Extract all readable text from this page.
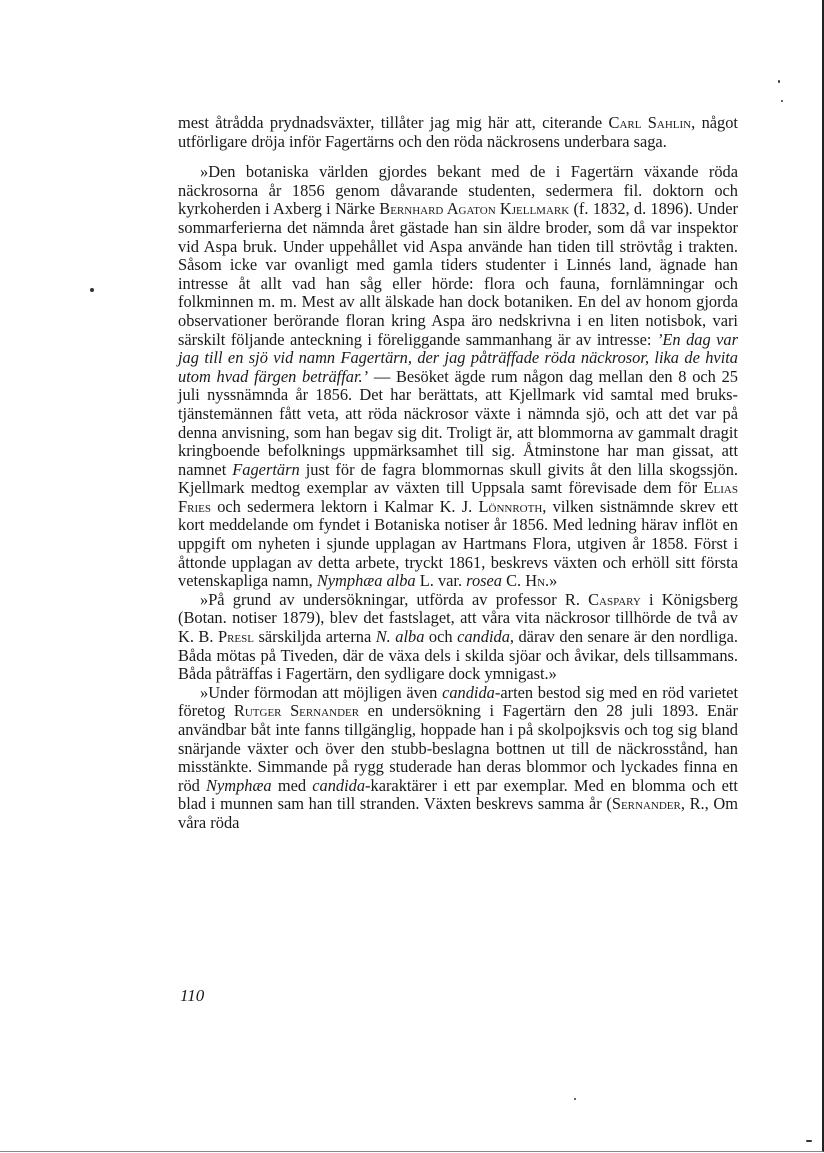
mest åtrådda prydnadsväxter, tillåter jag mig här att, citerande Carl Sahlin, något utförligare dröja inför Fagertärns och den röda näckrosens underbara saga.

»Den botaniska världen gjordes bekant med de i Fagertärn växande röda näckrosorna år 1856 genom dåvarande studenten, sedermera fil. doktorn och kyrkoherden i Axberg i Närke Bernhard Agaton Kjellmark (f. 1832, d. 1896). Under sommarferierna det nämnda året gästade han sin äldre broder, som då var inspektor vid Aspa bruk. Under uppehållet vid Aspa använde han tiden till strövtåg i trakten. Såsom icke var ovanligt med gamla tiders studenter i Linnés land, ägnade han intresse åt allt vad han såg eller hörde: flora och fauna, fornlämningar och folkminnen m. m. Mest av allt älskade han dock botaniken. En del av honom gjorda observationer berörande floran kring Aspa äro nedskrivna i en liten notisbok, vari särskilt följande anteckning i föreliggande sammanhang är av intresse: ’En dag var jag till en sjö vid namn Fagertärn, der jag påträffade röda näckrosor, lika de hvita utom hvad färgen beträffar.’ — Besöket ägde rum någon dag mellan den 8 och 25 juli nyssnämnda år 1856. Det har berättats, att Kjellmark vid samtal med brukstjänstemännen fått veta, att röda näckrosor växte i nämnda sjö, och att det var på denna anvisning, som han begav sig dit. Troligt är, att blommorna av gammalt dragit kringboende befolknings uppmärksamhet till sig. Åtminstone har man gissat, att namnet Fagertärn just för de fagra blommornas skull givits åt den lilla skogssjön. Kjellmark medtog exemplar av växten till Uppsala samt förevisade dem för Elias Fries och sedermera lektorn i Kalmar K. J. Lönnroth, vilken sistnämnde skrev ett kort meddelande om fyndet i Botaniska notiser år 1856. Med ledning härav inflöt en uppgift om nyheten i sjunde upplagan av Hartmans Flora, utgiven år 1858. Först i åttonde upplagan av detta arbete, tryckt 1861, beskrevs växten och erhöll sitt första vetenskapliga namn, Nymphæa alba L. var. rosea C. Hn.»

»På grund av undersökningar, utförda av professor R. Caspary i Königsberg (Botan. notiser 1879), blev det fastslaget, att våra vita näckrosor tillhörde de två av K. B. Presl särskiljda arterna N. alba och candida, därav den senare är den nordliga. Båda mötas på Tiveden, där de växa dels i skilda sjöar och åvikar, dels tillsammans. Båda påträffas i Fagertärn, den sydligare dock ymnigast.»

»Under förmodan att möjligen även candida-arten bestod sig med en röd varietet företog Rutger Sernander en undersökning i Fagertärn den 28 juli 1893. Enär användbar båt inte fanns tillgänglig, hoppade han i på skolpojksvis och tog sig bland snärjande växter och över den stubb-beslagna bottnen ut till de näckrosstånd, han misstänkte. Simmande på rygg studerade han deras blommor och lyckades finna en röd Nymphæa med candida-karaktärer i ett par exemplar. Med en blomma och ett blad i munnen sam han till stranden. Växten beskrevs samma år (Sernander, R., Om våra röda

110
